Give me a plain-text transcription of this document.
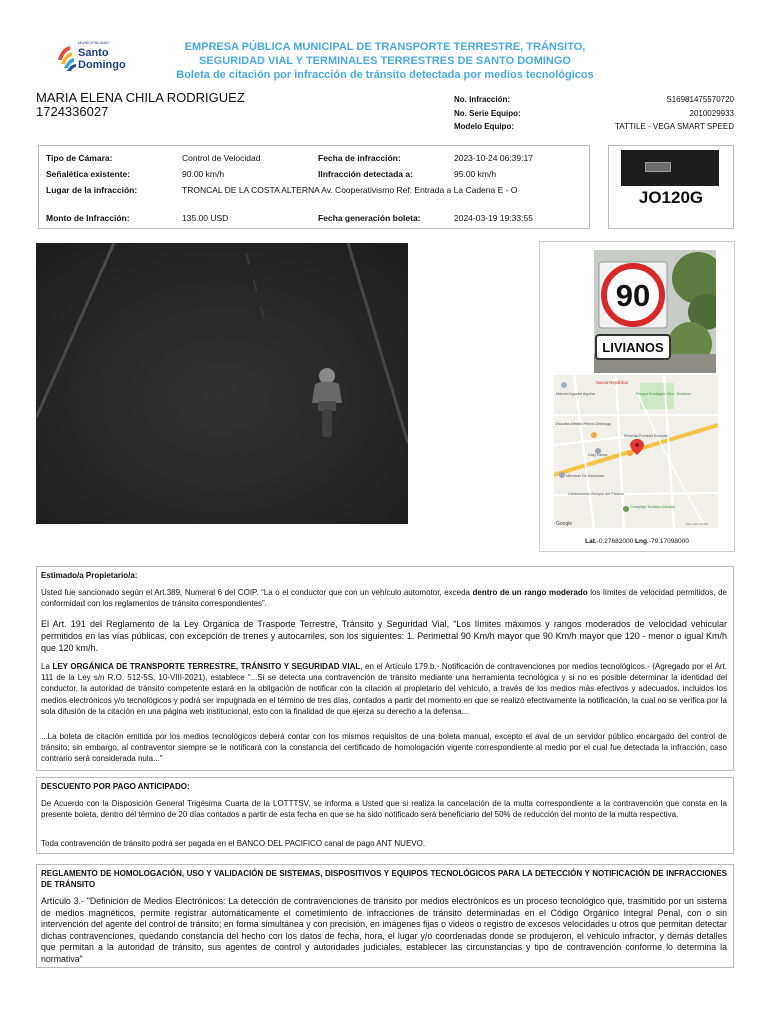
MUNICIPALIDAD
Santo
Domingo
EMPRESA PÚBLICA MUNICIPAL DE TRANSPORTE TERRESTRE, TRÁNSITO,
SEGURIDAD VIAL Y TERMINALES TERRESTRES DE SANTO DOMINGO
Boleta de citación por infracción de tránsito detectada por medios tecnológicos
MARIA ELENA CHILA RODRIGUEZ
1724336027
No. Infracción:	S16981475570720
No. Serie Equipo:	2010029933
Modelo Equipo:	TATTILE - VEGA SMART SPEED
Tipo de Cámara:	Control de Velocidad	Fecha de infracción:	2023-10-24 06:39:17
Señalética existente:	90.00 km/h	Ilnfracción detectada a:	95.00 km/h
Lugar de la infracción:	TRONCAL DE LA COSTA ALTERNA Av. Cooperativismo Ref: Entrada a La Cadena E - O
Monto de Infracción:	135.00 USD	Fecha generación boleta:	2024-03-19 19:33:55
JO120G
90
LIVIANOS
Nueva República
Manuel Agustín Aguirre	Parque Ecológico Ciro - Bolaños
Escuela Alfredo Pérez Chiriboga
Cary Lanas
Pimenta Pumbali Ecuador
Mercado De Monsicos
Urbanización Bosque del Paraíso
Complejo Turístico Mirador
Google	Map data ©2023
Lat.-0.27682000 Lng.-79.17098000

Estimado/a Propietario/a:

Usted fue sancionado según el Art.389, Numeral 6 del COIP. “La o el conductor que con un vehículo automotor, exceda dentro de un rango moderado los límites de velocidad permitidos, de conformidad con los reglamentos de tránsito correspondientes”.

El Art. 191 del Reglamento de la Ley Orgánica de Trasporte Terrestre, Tránsito y Seguridad Vial, “Los límites máximos y rangos moderados de velocidad vehicular permitidos en las vías públicas, con excepción de trenes y autocarriles, son los siguientes: 1. Perimetral 90 Km/h mayor que 90 Km/h mayor que 120 - menor o igual Km/h que 120 km/h.

La LEY ORGÁNICA DE TRANSPORTE TERRESTRE, TRÁNSITO Y SEGURIDAD VIAL, en el Artículo 179.b.- Notificación de contravenciones por medios tecnológicos.- (Agregado por el Art. 111 de la Ley s/n R.O. 512-5S, 10-VIII-2021), establece "...Si se detecta una contravención de tránsito mediante una herramienta tecnológica y si no es posible determinar la identidad del conductor, la autoridad de tránsito competente estará en la obligación de notificar con la citación al propietario del vehículo, a través de los medios más efectivos y adecuados, incluidos los medios electrónicos y/o tecnológicos y podrá ser impugnada en el término de tres días, contados a partir del momento en que se realizó efectivamente la notificación, la cual no se verifica por la sola difusión de la citación en una página web institucional, esto con la finalidad de que ejerza su derecho a la defensa...

...La boleta de citación emitida por los medios tecnológicos deberá contar con los mismos requisitos de una boleta manual, excepto el aval de un servidor público encargado del control de tránsito; sin embargo, al contraventor siempre se le notificará con la constancia del certificado de homologación vigente correspondiente al medio por el cual fue detectada la infracción, caso contrario será considerada nula..."

DESCUENTO POR PAGO ANTICIPADO:

De Acuerdo con la Disposición General Trigésima Cuarta de la LOTTTSV, se informa a Usted que si realiza la cancelación de la multa correspondiente a la contravención que consta en la presente boleta, dentro del término de 20 días contados a partir de esta fecha en que se ha sido notificado será beneficiario del 50% de reducción del monto de la multa respectiva.

Toda contravención de tránsito podrá ser pagada en el BANCO DEL PACIFICO canal de pago ANT NUEVO.

REGLAMENTO DE HOMOLOGACIÓN, USO Y VALIDACIÓN DE SISTEMAS, DISPOSITIVOS Y EQUIPOS TECNOLÓGICOS PARA LA DETECCIÓN Y NOTIFICACIÓN DE INFRACCIONES DE TRÁNSITO

Artículo 3.- "Definición de Medios Electrónicos: La detección de contravenciones de tránsito por medios electrónicos es un proceso tecnológico que, trasmitido por un sistema de medios magnéticos, permite registrar automáticamente el cometimiento de infracciones de tránsito determinadas en el Código Orgánico Integral Penal, con o sin intervención del agente del control de tránsito; en forma simultánea y con precisión, en imágenes fijas o videos o registro de excesos velocidades u otros que permitan detectar dichas contravenciones, quedando constancia del hecho con los datos de fecha, hora, el lugar y/o coordenadas donde se produjeron, el vehículo infractor, y demás detalles que permitan a la autoridad de tránsito, sus agentes de control y autoridades judiciales, establecer las circunstancias y tipo de contravención conforme lo determina la normativa"
